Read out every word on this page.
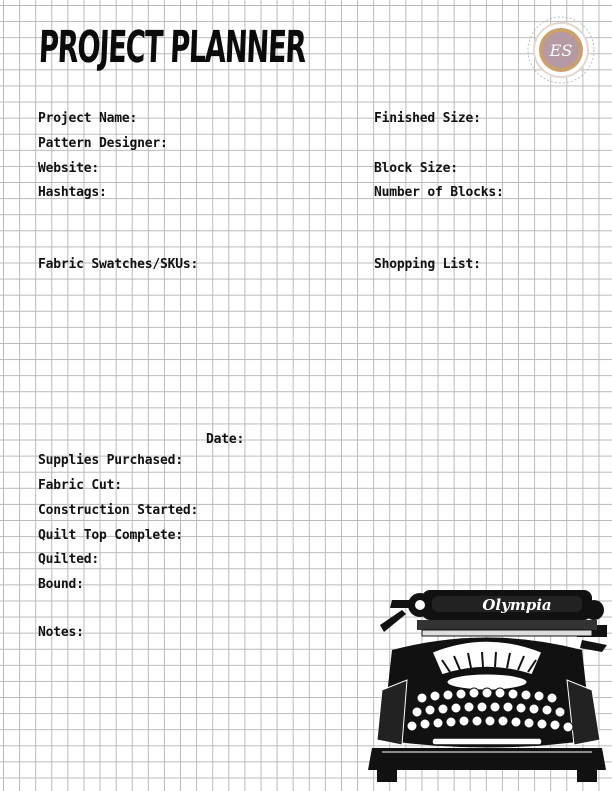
PROJECT PLANNER	ES
Project Name:
Pattern Designer:
Website:
Hashtags:
Finished Size:
Block Size:
Number of Blocks:
Fabric Swatches/SKUs:	Shopping List:
Date:
Supplies Purchased:
Fabric Cut:
Construction Started:
Quilt Top Complete:
Quilted:
Bound:
Notes:
Olympia
